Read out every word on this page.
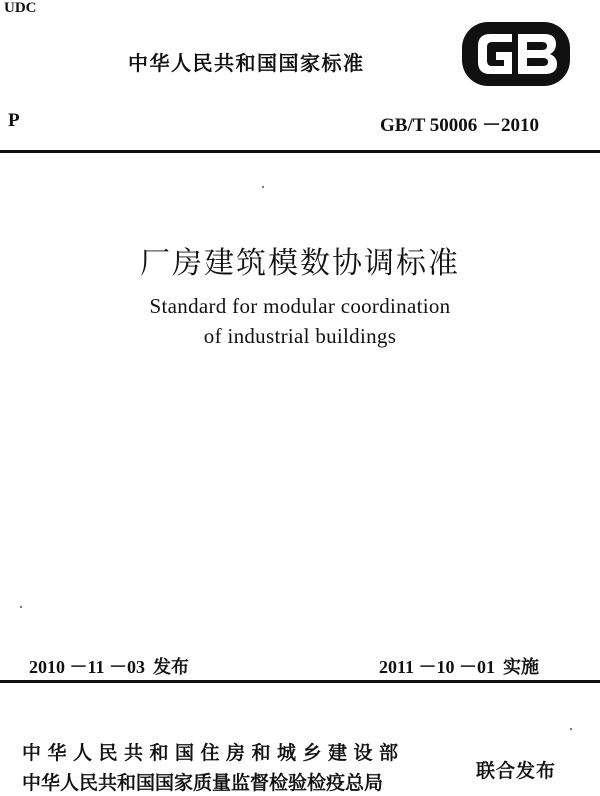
UDC
中华人民共和国国家标准
P	GB/T 50006 －2010
厂房建筑模数协调标准
Standard for modular coordination
of industrial buildings

2010 －11 －03 发布	2011 －10 －01 实施

中华人民共和国住房和城乡建设部
中华人民共和国国家质量监督检验检疫总局
联合发布
